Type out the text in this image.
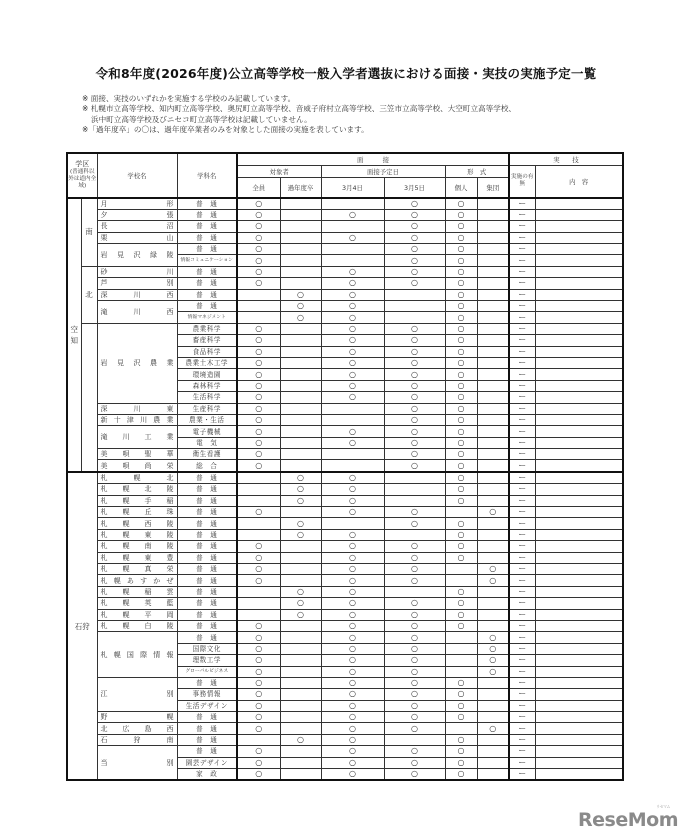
令和8年度(2026年度)公立高等学校一般入学者選抜における面接・実技の実施予定一覧
※ 面接、実技のいずれかを実施する学校のみ記載しています。
※ 札幌市立高等学校、知内町立高等学校、奥尻町立高等学校、音威子府村立高等学校、三笠市立高等学校、大空町立高等学校、
浜中町立高等学校及びニセコ町立高等学校は記載していません。
※「過年度卒」の〇は、過年度卒業者のみを対象とした面接の実施を表しています。
学区
(普通科以外は道内全域)		学校名	学科名	面　　　接						実　　技	
				対象者		面接予定日		形　式		実施の有無	内　容
				全員	過年度卒	3月4日	3月5日	個人	集団		
空知	南	月　　　形	普　通	○			○	○		ー	
		夕　　　張	普　通	○		○	○	○		ー	
		長　　　沼	普　通	○			○	○		ー	
		栗　　　山	普　通	○		○	○	○		ー	
		岩 見 沢 緑 陵	普　通	○			○	○		ー	
			情報コミュニケーション	○			○	○		ー	
	北	砂　　　川	普　通	○		○	○	○		ー	
		芦　　　別	普　通	○		○	○	○		ー	
		深　川　西	普　通		○	○		○		ー	
		滝　川　西	普　通		○	○		○		ー	
			情報マネジメント		○	○		○		ー	
		岩 見 沢 農 業	農業科学	○		○	○	○		ー	
			畜産科学	○		○	○	○		ー	
			食品科学	○		○	○	○		ー	
			農業土木工学	○		○	○	○		ー	
			環境造園	○		○	○	○		ー	
			森林科学	○		○	○	○		ー	
			生活科学	○		○	○	○		ー	
		深　川　東	生産科学	○			○	○		ー	
		新 十 津 川 農 業	農業・生活	○			○	○		ー	
		滝　川　工　業	電子機械	○		○	○	○		ー	
			電　気	○		○	○	○		ー	
		美　唄　聖　華	衛生看護	○			○	○		ー	
		美　唄　尚　栄	総　合	○			○	○		ー	
石狩		札　幌　北	普　通		○	○		○		ー	
		札 幌 北 陵	普　通		○	○		○		ー	
		札 幌 手 稲	普　通		○	○		○		ー	
		札 幌 丘 珠	普　通	○		○	○		○	ー	
		札 幌 西 陵	普　通		○		○	○		ー	
		札 幌 東 陵	普　通		○	○		○		ー	
		札 幌 南 陵	普　通	○		○	○	○		ー	
		札 幌 東 豊	普　通	○		○	○	○		ー	
		札 幌 真 栄	普　通	○		○	○		○	ー	
		札幌あすかぜ	普　通	○		○	○		○	ー	
		札 幌 稲 雲	普　通		○	○		○		ー	
		札 幌 英 藍	普　通		○	○	○	○		ー	
		札 幌 平 岡	普　通		○	○	○	○		ー	
		札 幌 白 陵	普　通	○		○	○	○		ー	
		札 幌 国 際 情 報	普　通	○		○	○		○	ー	
			国際文化	○		○	○		○	ー	
			理数工学	○		○	○		○	ー	
			グローバルビジネス	○		○	○		○	ー	
		江　　　別	普　通	○		○	○	○		ー	
			事務情報	○		○	○	○		ー	
			生活デザイン	○		○	○	○		ー	
		野　　　幌	普　通	○		○	○	○		ー	
		北 広 島 西	普　通	○		○	○		○	ー	
		石　狩　南	普　通		○	○		○		ー	
		当　　　別	普　通	○		○	○	○		ー	
			園芸デザイン	○		○	○	○		ー	
			家　政	○		○	○	○		ー	
リセマム
ReseMom
